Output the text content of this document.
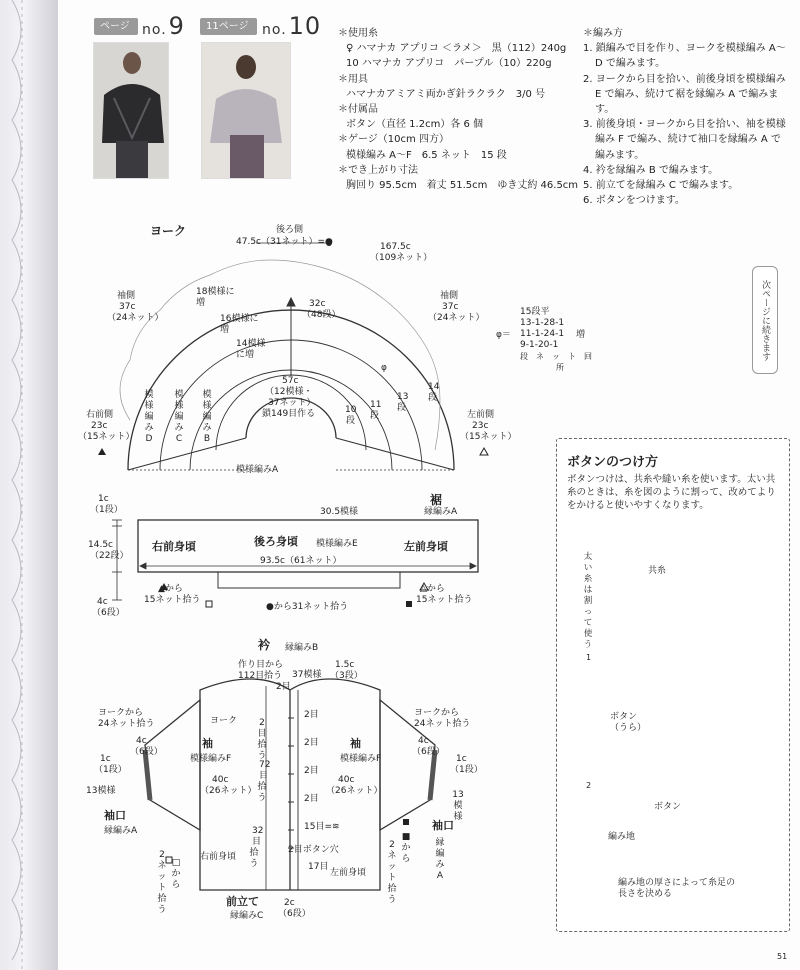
ページ no.9	11ページ no.10 ＊使用糸
♀ ハマナカ アプリコ ＜ラメ＞　黒（112）240g
10 ハマナカ アプリコ　パープル（10）220g
＊用具
ハマナカアミアミ両かぎ針ラクラク　3/0 号
＊付属品
ボタン（直径 1.2cm）各 6 個
＊ゲージ（10cm 四方）
模様編み A〜F　6.5 ネット　15 段
＊でき上がり寸法
胸回り 95.5cm　着丈 51.5cm　ゆき丈約 46.5cm
＊編み方
1. 鎖編みで目を作り、ヨークを模様編み A〜D で編みます。
2. ヨークから目を拾い、前後身頃を模様編み E で編み、続けて裾を縁編み A で編みます。
3. 前後身頃・ヨークから目を拾い、袖を模様編み F で編み、続けて袖口を縁編み A で編みます。
4. 衿を縁編み B で編みます。
5. 前立てを縁編み C で編みます。
6. ボタンをつけます。
次ページに続きます
ヨーク	後ろ側
47.5c（31ネット）=●	167.5c
（109ネット）
袖側
37c
（24ネット）
袖側
37c
（24ネット）
18模様に
増
16模様に
増
14模様
に増
32c
（48段）
57c
（12模様・
37ネット）
鎖149目作る
模様編みA
模様編みD
模様編みC
模様編みB
10
段
11
段
13
段
14
段
φ
右前側
23c
（15ネット）
左前側
23c
（15ネット）
φ＝
15段平
13-1-28-1
11-1-24-1
9-1-20-1
段　ネ　ッ　ト　回
所
増
裾
縁編みA
30.5模様
右前身頃	後ろ身頃 模様編みE	左前身頃
93.5c（61ネット）
1c
（1段）
14.5c
（22段）
4c
（6段）
▲から
15ネット拾う
●から31ネット拾う
△から
15ネット拾う
衿 縁編みB
作り目から
112目拾う 37模様
1.5c
（3段）
2目
ヨーク
ヨークから
24ネット拾う
ヨークから
24ネット拾う
袖
模様編みF
袖
模様編みF
4c
（6段）
4c
（6段）
1c
（1段）
1c
（1段）
40c
（26ネット）
40c
（26ネット）
13模様	13模様
袖口
縁編みA	袖口
縁編みA
2目
拾う
72
目
拾う
32
目
拾う
2目
2目
2目
2目
15目=≋
2目ボタン穴
17目
右前身頃
左前身頃
□から
2ネット拾う
■から
2ネット拾う
前立て
縁編みC
2c
（6段）
ボタンのつけ方
ボタンつけは、共糸や縫い糸を使います。太い共糸のときは、糸を図のように割って、改めてよりをかけると使いやすくなります。
太い糸は割って使う
共糸
1
ボタン
（うら）
2
ボタン
編み地
編み地の厚さによって糸足の
長さを決める
51
